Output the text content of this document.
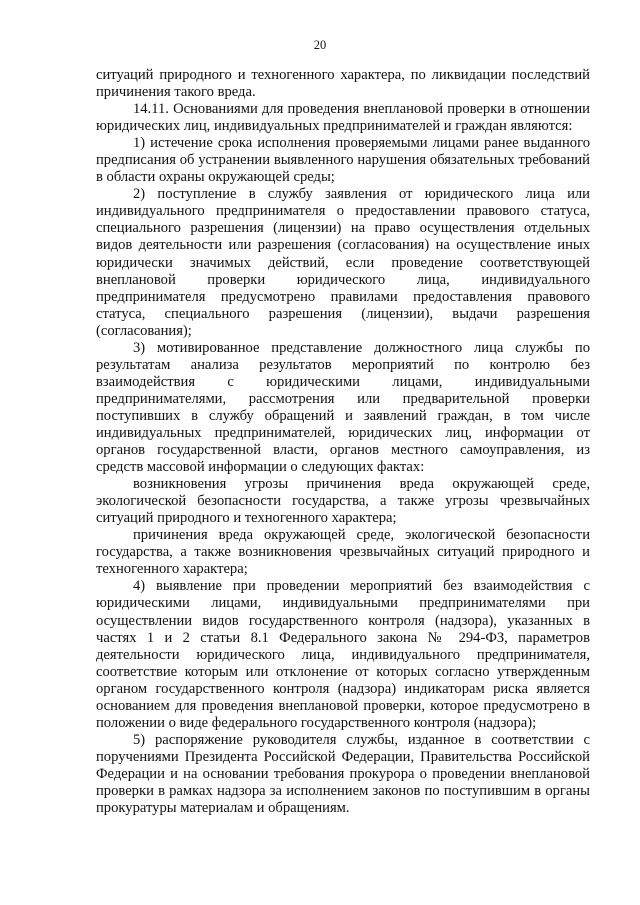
20

ситуаций природного и техногенного характера, по ликвидации последствий причинения такого вреда.

14.11. Основаниями для проведения внеплановой проверки в отношении юридических лиц, индивидуальных предпринимателей и граждан являются:

1) истечение срока исполнения проверяемыми лицами ранее выданного предписания об устранении выявленного нарушения обязательных требований в области охраны окружающей среды;

2) поступление в службу заявления от юридического лица или индивидуального предпринимателя о предоставлении правового статуса, специального разрешения (лицензии) на право осуществления отдельных видов деятельности или разрешения (согласования) на осуществление иных юридически значимых действий, если проведение соответствующей внеплановой проверки юридического лица, индивидуального предпринимателя предусмотрено правилами предоставления правового статуса, специального разрешения (лицензии), выдачи разрешения (согласования);

3) мотивированное представление должностного лица службы по результатам анализа результатов мероприятий по контролю без взаимодействия с юридическими лицами, индивидуальными предпринимателями, рассмотрения или предварительной проверки поступивших в службу обращений и заявлений граждан, в том числе индивидуальных предпринимателей, юридических лиц, информации от органов государственной власти, органов местного самоуправления, из средств массовой информации о следующих фактах:

возникновения угрозы причинения вреда окружающей среде, экологической безопасности государства, а также угрозы чрезвычайных ситуаций природного и техногенного характера;

причинения вреда окружающей среде, экологической безопасности государства, а также возникновения чрезвычайных ситуаций природного и техногенного характера;

4) выявление при проведении мероприятий без взаимодействия с юридическими лицами, индивидуальными предпринимателями при осуществлении видов государственного контроля (надзора), указанных в частях 1 и 2 статьи 8.1 Федерального закона № 294-ФЗ, параметров деятельности юридического лица, индивидуального предпринимателя, соответствие которым или отклонение от которых согласно утвержденным органом государственного контроля (надзора) индикаторам риска является основанием для проведения внеплановой проверки, которое предусмотрено в положении о виде федерального государственного контроля (надзора);

5) распоряжение руководителя службы, изданное в соответствии с поручениями Президента Российской Федерации, Правительства Российской Федерации и на основании требования прокурора о проведении внеплановой проверки в рамках надзора за исполнением законов по поступившим в органы прокуратуры материалам и обращениям.
